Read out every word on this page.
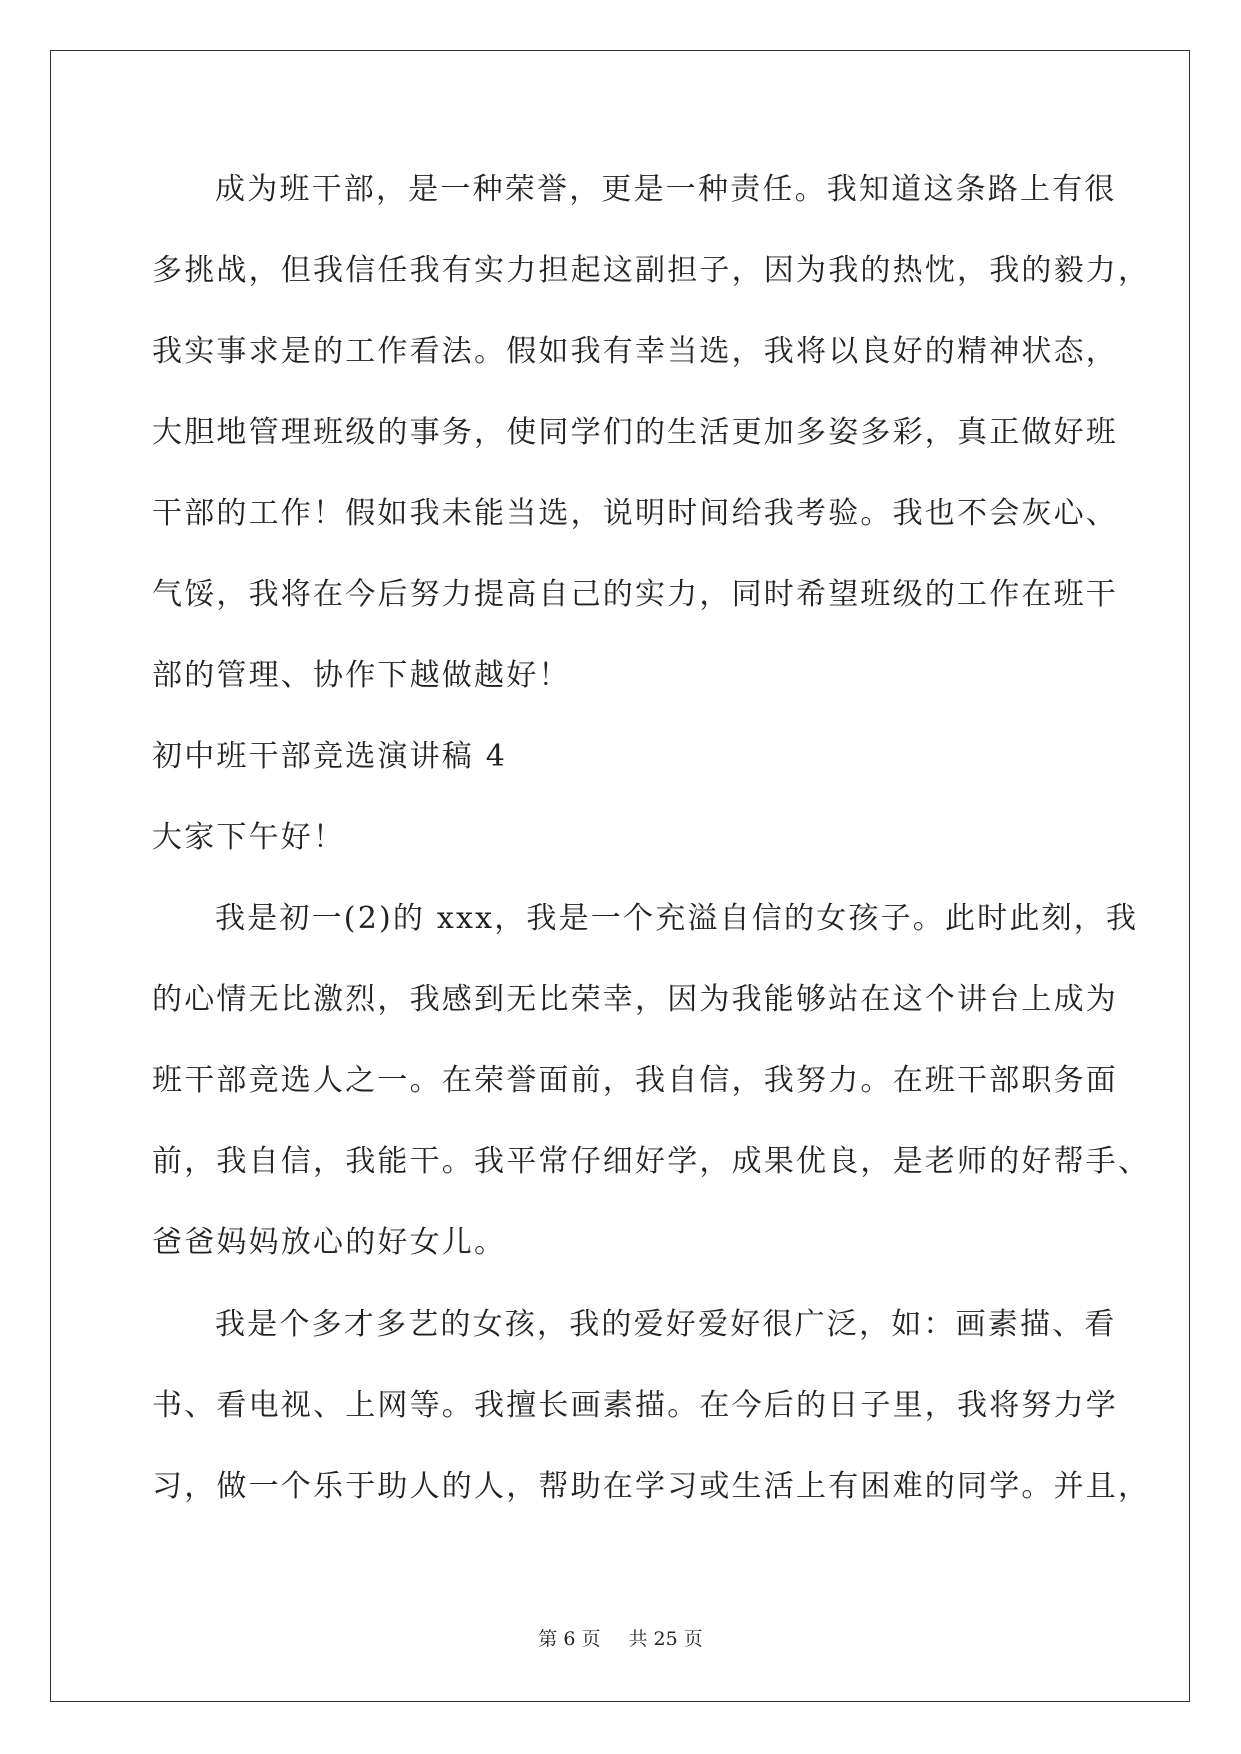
成为班干部，是一种荣誉，更是一种责任。我知道这条路上有很
多挑战，但我信任我有实力担起这副担子，因为我的热忱，我的毅力，
我实事求是的工作看法。假如我有幸当选，我将以良好的精神状态，
大胆地管理班级的事务，使同学们的生活更加多姿多彩，真正做好班
干部的工作！假如我未能当选，说明时间给我考验。我也不会灰心、
气馁，我将在今后努力提高自己的实力，同时希望班级的工作在班干
部的管理、协作下越做越好！
初中班干部竞选演讲稿 4
大家下午好！
我是初一(2)的 xxx，我是一个充溢自信的女孩子。此时此刻，我
的心情无比激烈，我感到无比荣幸，因为我能够站在这个讲台上成为
班干部竞选人之一。在荣誉面前，我自信，我努力。在班干部职务面
前，我自信，我能干。我平常仔细好学，成果优良，是老师的好帮手、
爸爸妈妈放心的好女儿。
我是个多才多艺的女孩，我的爱好爱好很广泛，如：画素描、看
书、看电视、上网等。我擅长画素描。在今后的日子里，我将努力学
习，做一个乐于助人的人，帮助在学习或生活上有困难的同学。并且，
第 6 页 共 25 页
